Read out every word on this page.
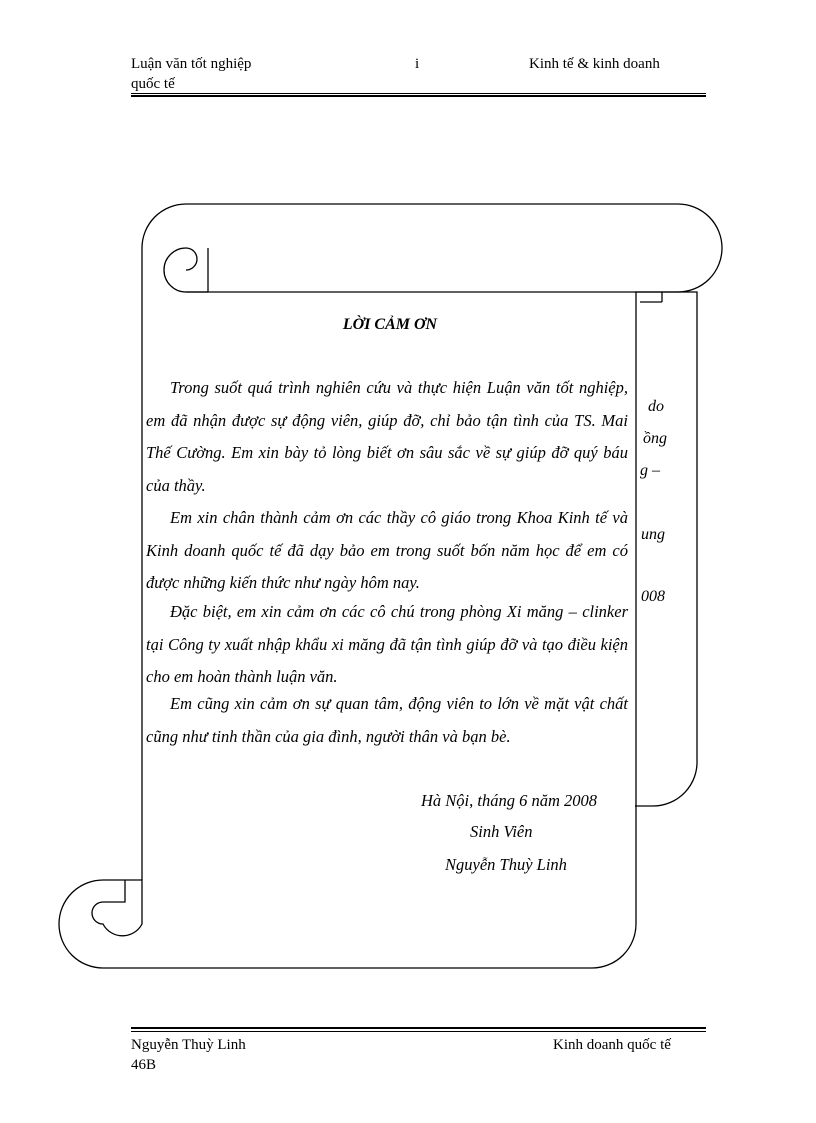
Luận văn tốt nghiệp
quốc tế
i	Kinh tế & kinh doanh
do
ồng
g –
ung
008
LỜI CẢM ƠN

Trong suốt quá trình nghiên cứu và thực hiện Luận văn tốt nghiệp, em đã nhận được sự động viên, giúp đỡ, chỉ bảo tận tình của TS. Mai Thế Cường. Em xin bày tỏ lòng biết ơn sâu sắc về sự giúp đỡ quý báu của thầy.

Em xin chân thành cảm ơn các thầy cô giáo trong Khoa Kinh tế và Kinh doanh quốc tế đã dạy bảo em trong suốt bốn năm học để em có được những kiến thức như ngày hôm nay.

Đặc biệt, em xin cảm ơn các cô chú trong phòng Xi măng – clinker tại Công ty xuất nhập khẩu xi măng đã tận tình giúp đỡ và tạo điều kiện cho em hoàn thành luận văn.

Em cũng xin cảm ơn sự quan tâm, động viên to lớn về mặt vật chất cũng như tinh thần của gia đình, người thân và bạn bè.

Hà Nội, tháng 6 năm 2008
Sinh Viên
Nguyễn Thuỳ Linh
Nguyễn Thuỳ Linh
46B
Kinh doanh quốc tế
